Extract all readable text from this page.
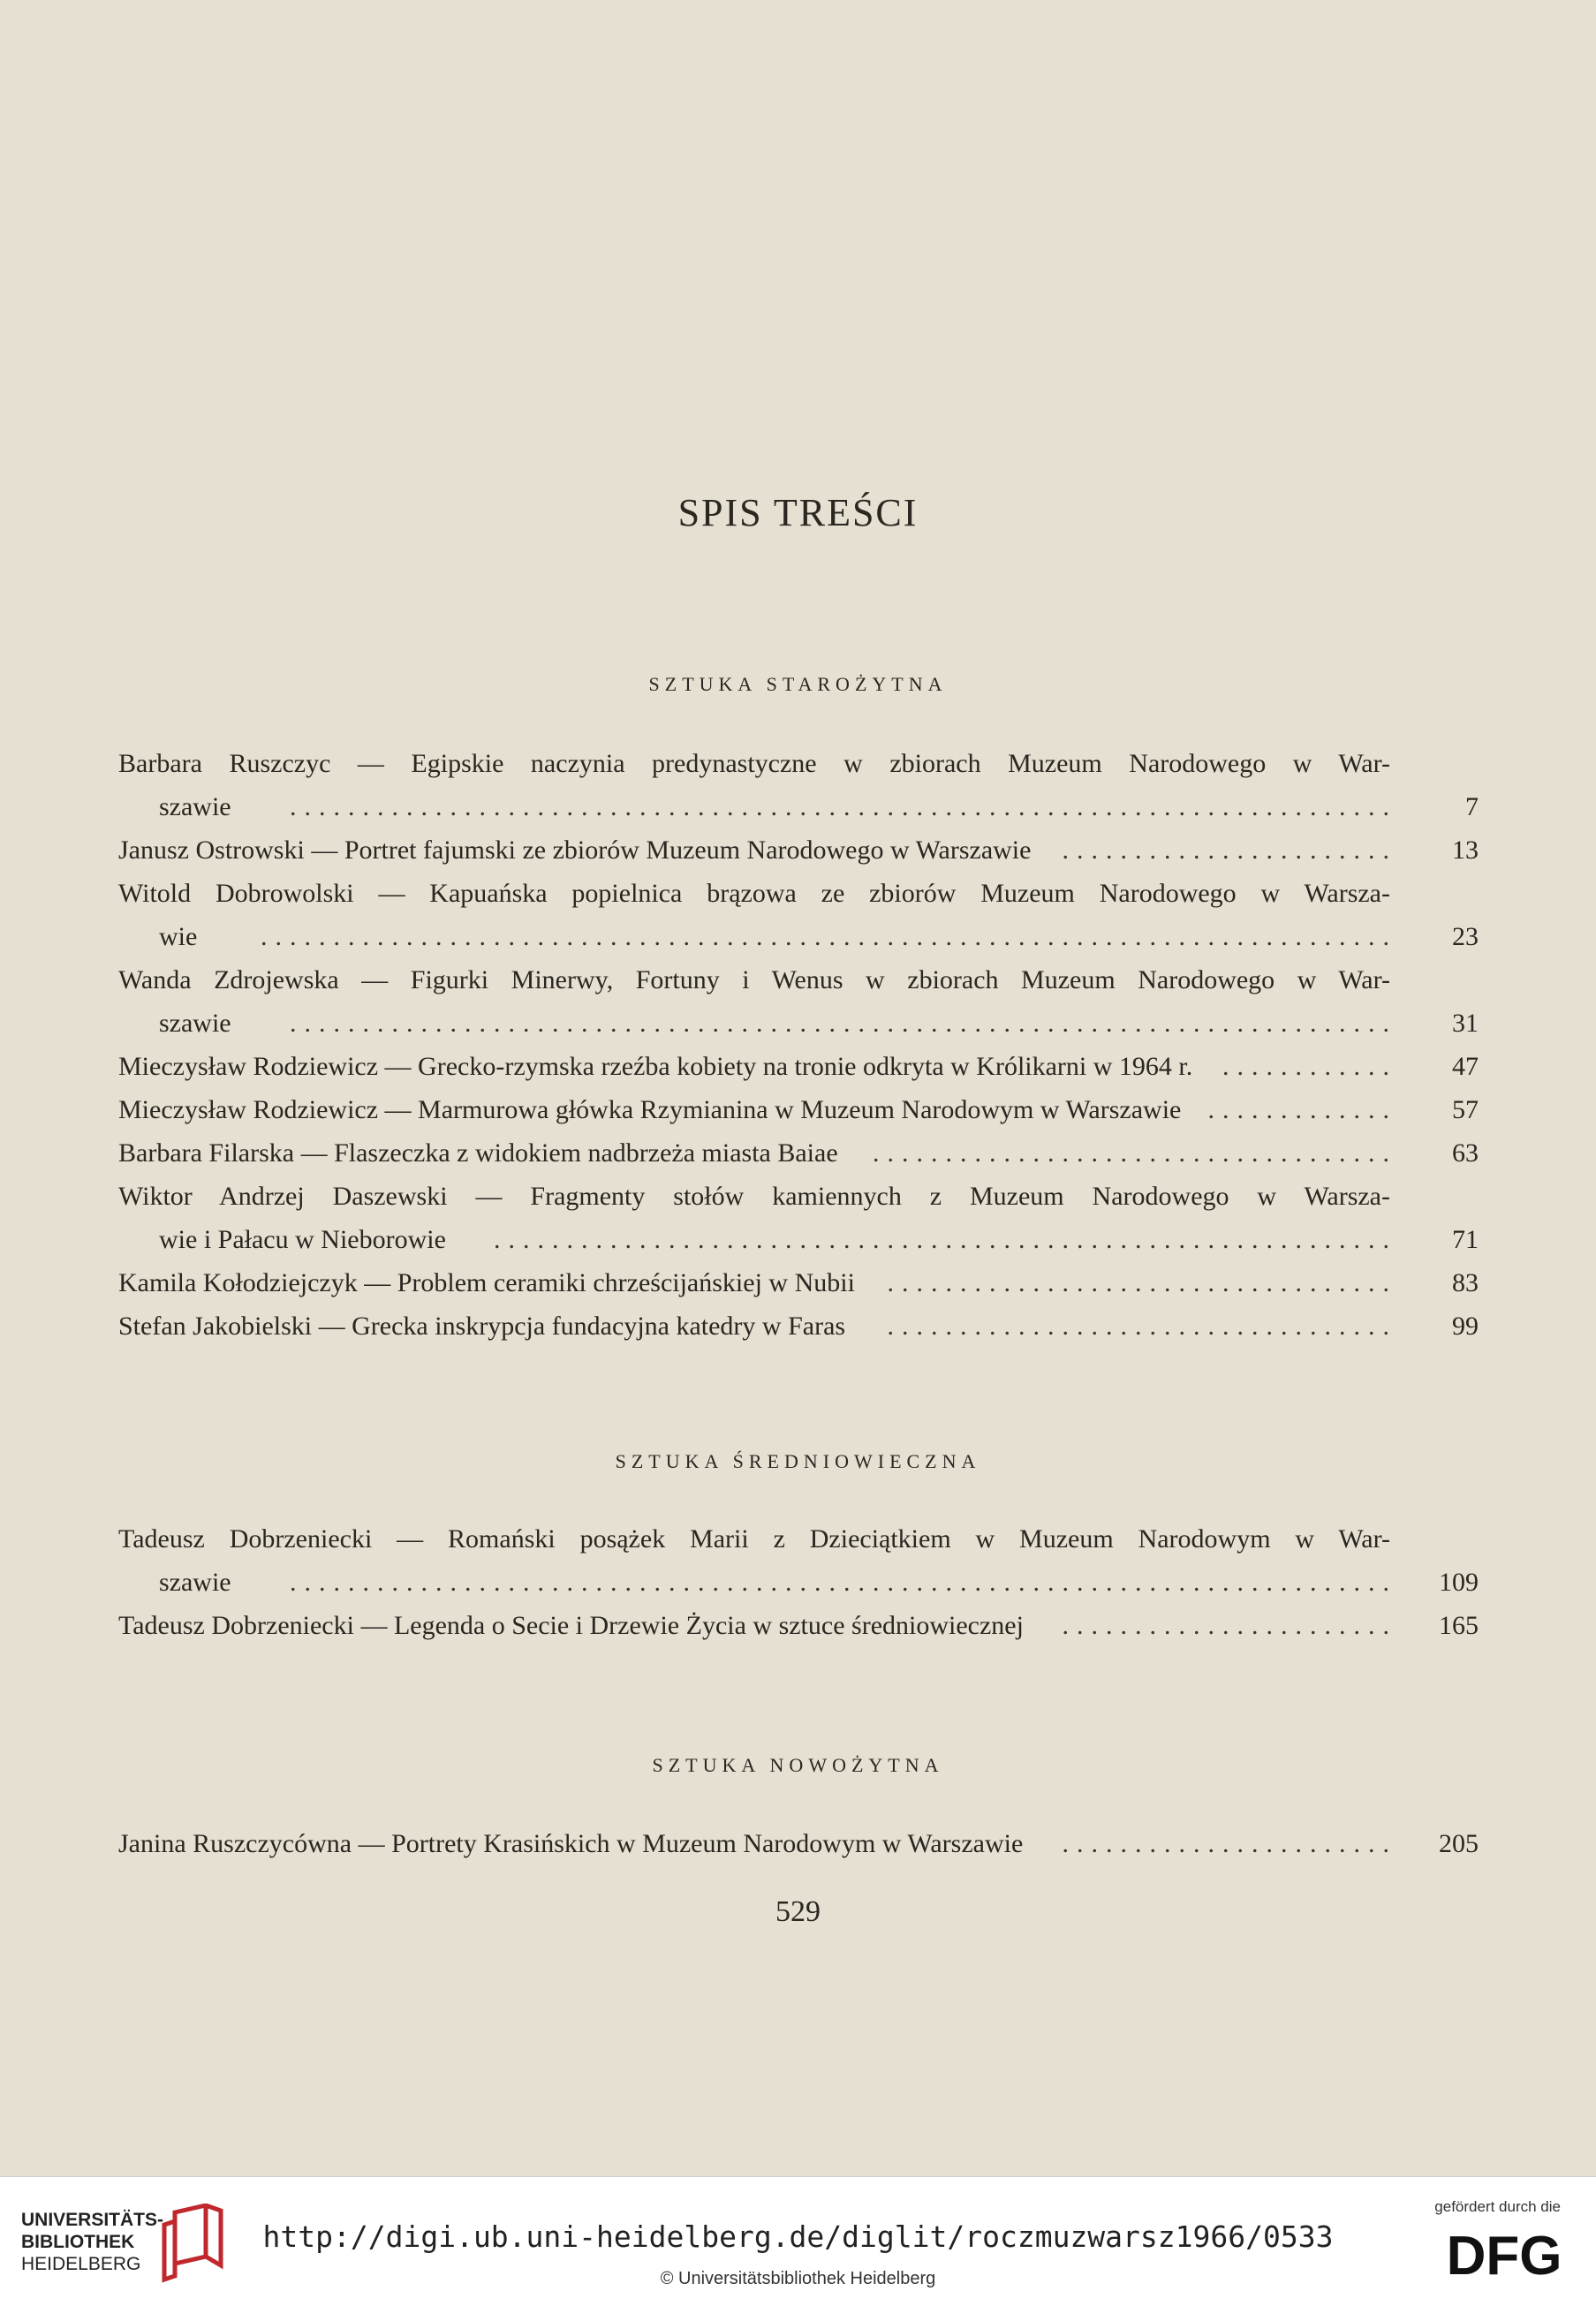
SPIS TREŚCI
SZTUKA STAROŻYTNA
Barbara Ruszczyc — Egipskie naczynia predynastyczne w zbiorach Muzeum Narodowego w War-
szawie	............................................................................	7
Janusz Ostrowski — Portret fajumski ze zbiorów Muzeum Narodowego w Warszawie	.......................	13
Witold Dobrowolski — Kapuańska popielnica brązowa ze zbiorów Muzeum Narodowego w Warsza-
wie	..............................................................................	23
Wanda Zdrojewska — Figurki Minerwy, Fortuny i Wenus w zbiorach Muzeum Narodowego w War-
szawie	............................................................................	31
Mieczysław Rodziewicz — Grecko-rzymska rzeźba kobiety na tronie odkryta w Królikarni w 1964 r.	............	47
Mieczysław Rodziewicz — Marmurowa główka Rzymianina w Muzeum Narodowym w Warszawie	.............	57
Barbara Filarska — Flaszeczka z widokiem nadbrzeża miasta Baiae	....................................	63
Wiktor Andrzej Daszewski — Fragmenty stołów kamiennych z Muzeum Narodowego w Warsza-
wie i Pałacu w Nieborowie	..............................................................	71
Kamila Kołodziejczyk — Problem ceramiki chrześcijańskiej w Nubii	...................................	83
Stefan Jakobielski — Grecka inskrypcja fundacyjna katedry w Faras	...................................	99
SZTUKA ŚREDNIOWIECZNA
Tadeusz Dobrzeniecki — Romański posążek Marii z Dzieciątkiem w Muzeum Narodowym w War-
szawie	............................................................................	109
Tadeusz Dobrzeniecki — Legenda o Secie i Drzewie Życia w sztuce średniowiecznej	.......................	165
SZTUKA NOWOŻYTNA
Janina Ruszczycówna — Portrety Krasińskich w Muzeum Narodowym w Warszawie	.......................	205
529
UNIVERSITÄTS-
BIBLIOTHEK
HEIDELBERG
http://digi.ub.uni-heidelberg.de/diglit/roczmuzwarsz1966/0533
© Universitätsbibliothek Heidelberg
gefördert durch die
DFG
